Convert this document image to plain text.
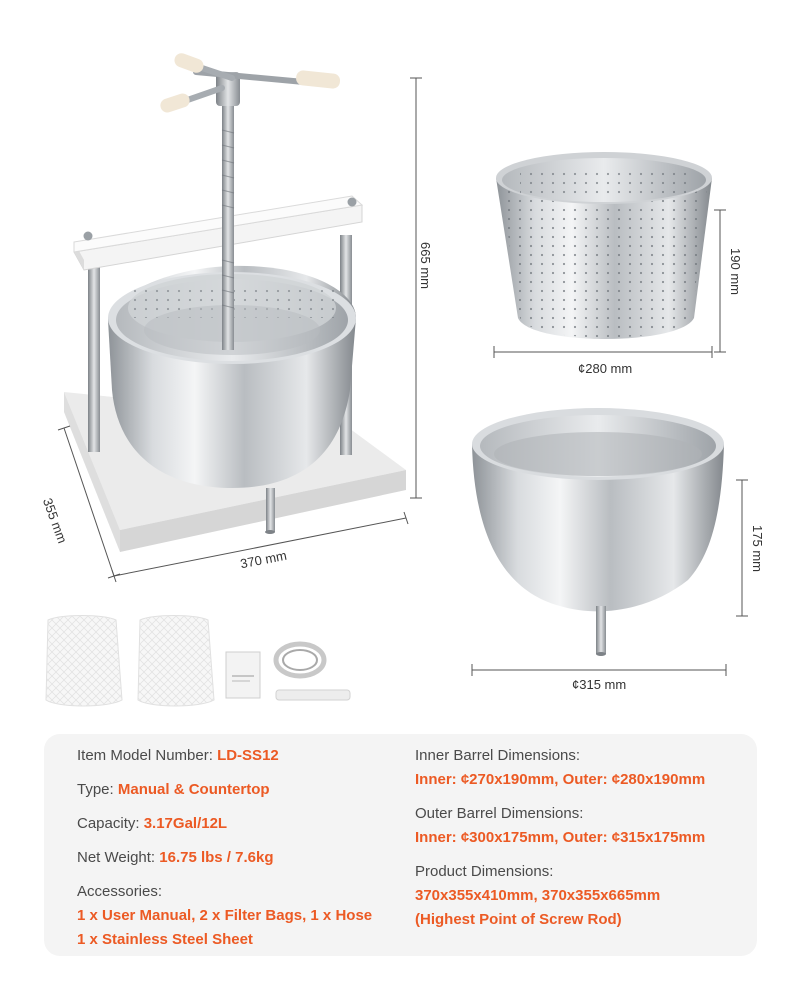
665 mm
355 mm
370 mm
190 mm
¢280 mm
175 mm
¢315 mm
Item Model Number: LD-SS12
Type: Manual & Countertop
Capacity: 3.17Gal/12L
Net Weight: 16.75 lbs / 7.6kg
Accessories:
1 x User Manual, 2 x Filter Bags, 1 x Hose
1 x Stainless Steel Sheet
Inner Barrel Dimensions:
Inner: ¢270x190mm, Outer: ¢280x190mm
Outer Barrel Dimensions:
Inner: ¢300x175mm, Outer: ¢315x175mm
Product Dimensions:
370x355x410mm, 370x355x665mm
(Highest Point of Screw Rod)
